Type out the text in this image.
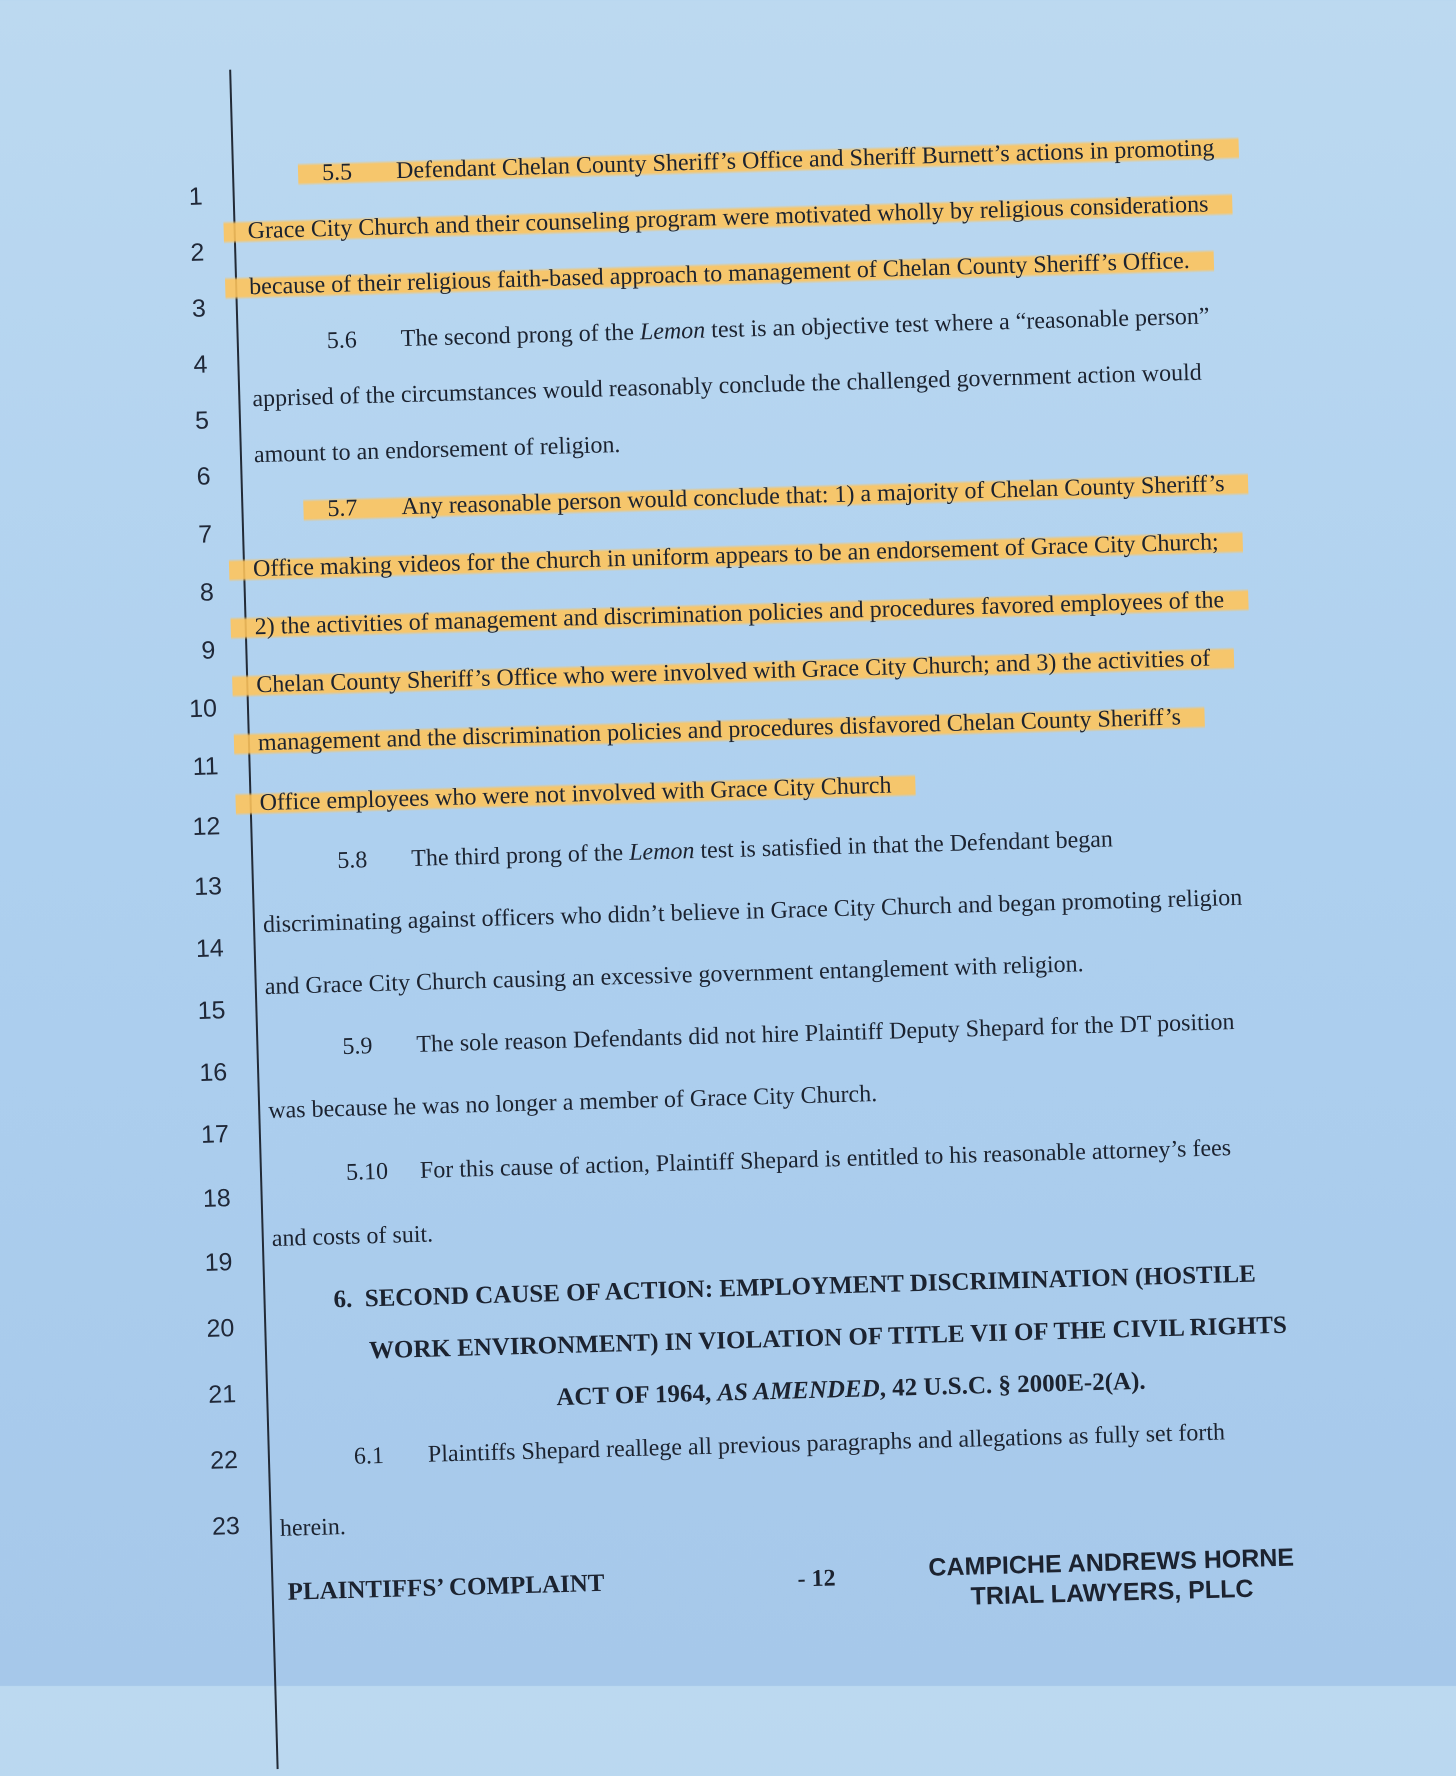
1
2
3
4
5
6
7
8
9
10
11
12
13
14
15
16
17
18
19
20
21
22
23
5.5 Defendant Chelan County Sheriff’s Office and Sheriff Burnett’s actions in promoting
Grace City Church and their counseling program were motivated wholly by religious considerations
because of their religious faith-based approach to management of Chelan County Sheriff’s Office.
5.6 The second prong of the Lemon test is an objective test where a “reasonable person”
apprised of the circumstances would reasonably conclude the challenged government action would
amount to an endorsement of religion.
5.7 Any reasonable person would conclude that: 1) a majority of Chelan County Sheriff’s
Office making videos for the church in uniform appears to be an endorsement of Grace City Church;
2) the activities of management and discrimination policies and procedures favored employees of the
Chelan County Sheriff’s Office who were involved with Grace City Church; and 3) the activities of
management and the discrimination policies and procedures disfavored Chelan County Sheriff’s
Office employees who were not involved with Grace City Church
5.8 The third prong of the Lemon test is satisfied in that the Defendant began
discriminating against officers who didn’t believe in Grace City Church and began promoting religion
and Grace City Church causing an excessive government entanglement with religion.
5.9 The sole reason Defendants did not hire Plaintiff Deputy Shepard for the DT position
was because he was no longer a member of Grace City Church.
5.10 For this cause of action, Plaintiff Shepard is entitled to his reasonable attorney’s fees
and costs of suit.
6. SECOND CAUSE OF ACTION: EMPLOYMENT DISCRIMINATION (HOSTILE
WORK ENVIRONMENT) IN VIOLATION OF TITLE VII OF THE CIVIL RIGHTS
ACT OF 1964, AS AMENDED, 42 U.S.C. § 2000E-2(A).
6.1 Plaintiffs Shepard reallege all previous paragraphs and allegations as fully set forth
herein.
PLAINTIFFS’ COMPLAINT	- 12	CAMPICHE ANDREWS HORNE
TRIAL LAWYERS, PLLC
